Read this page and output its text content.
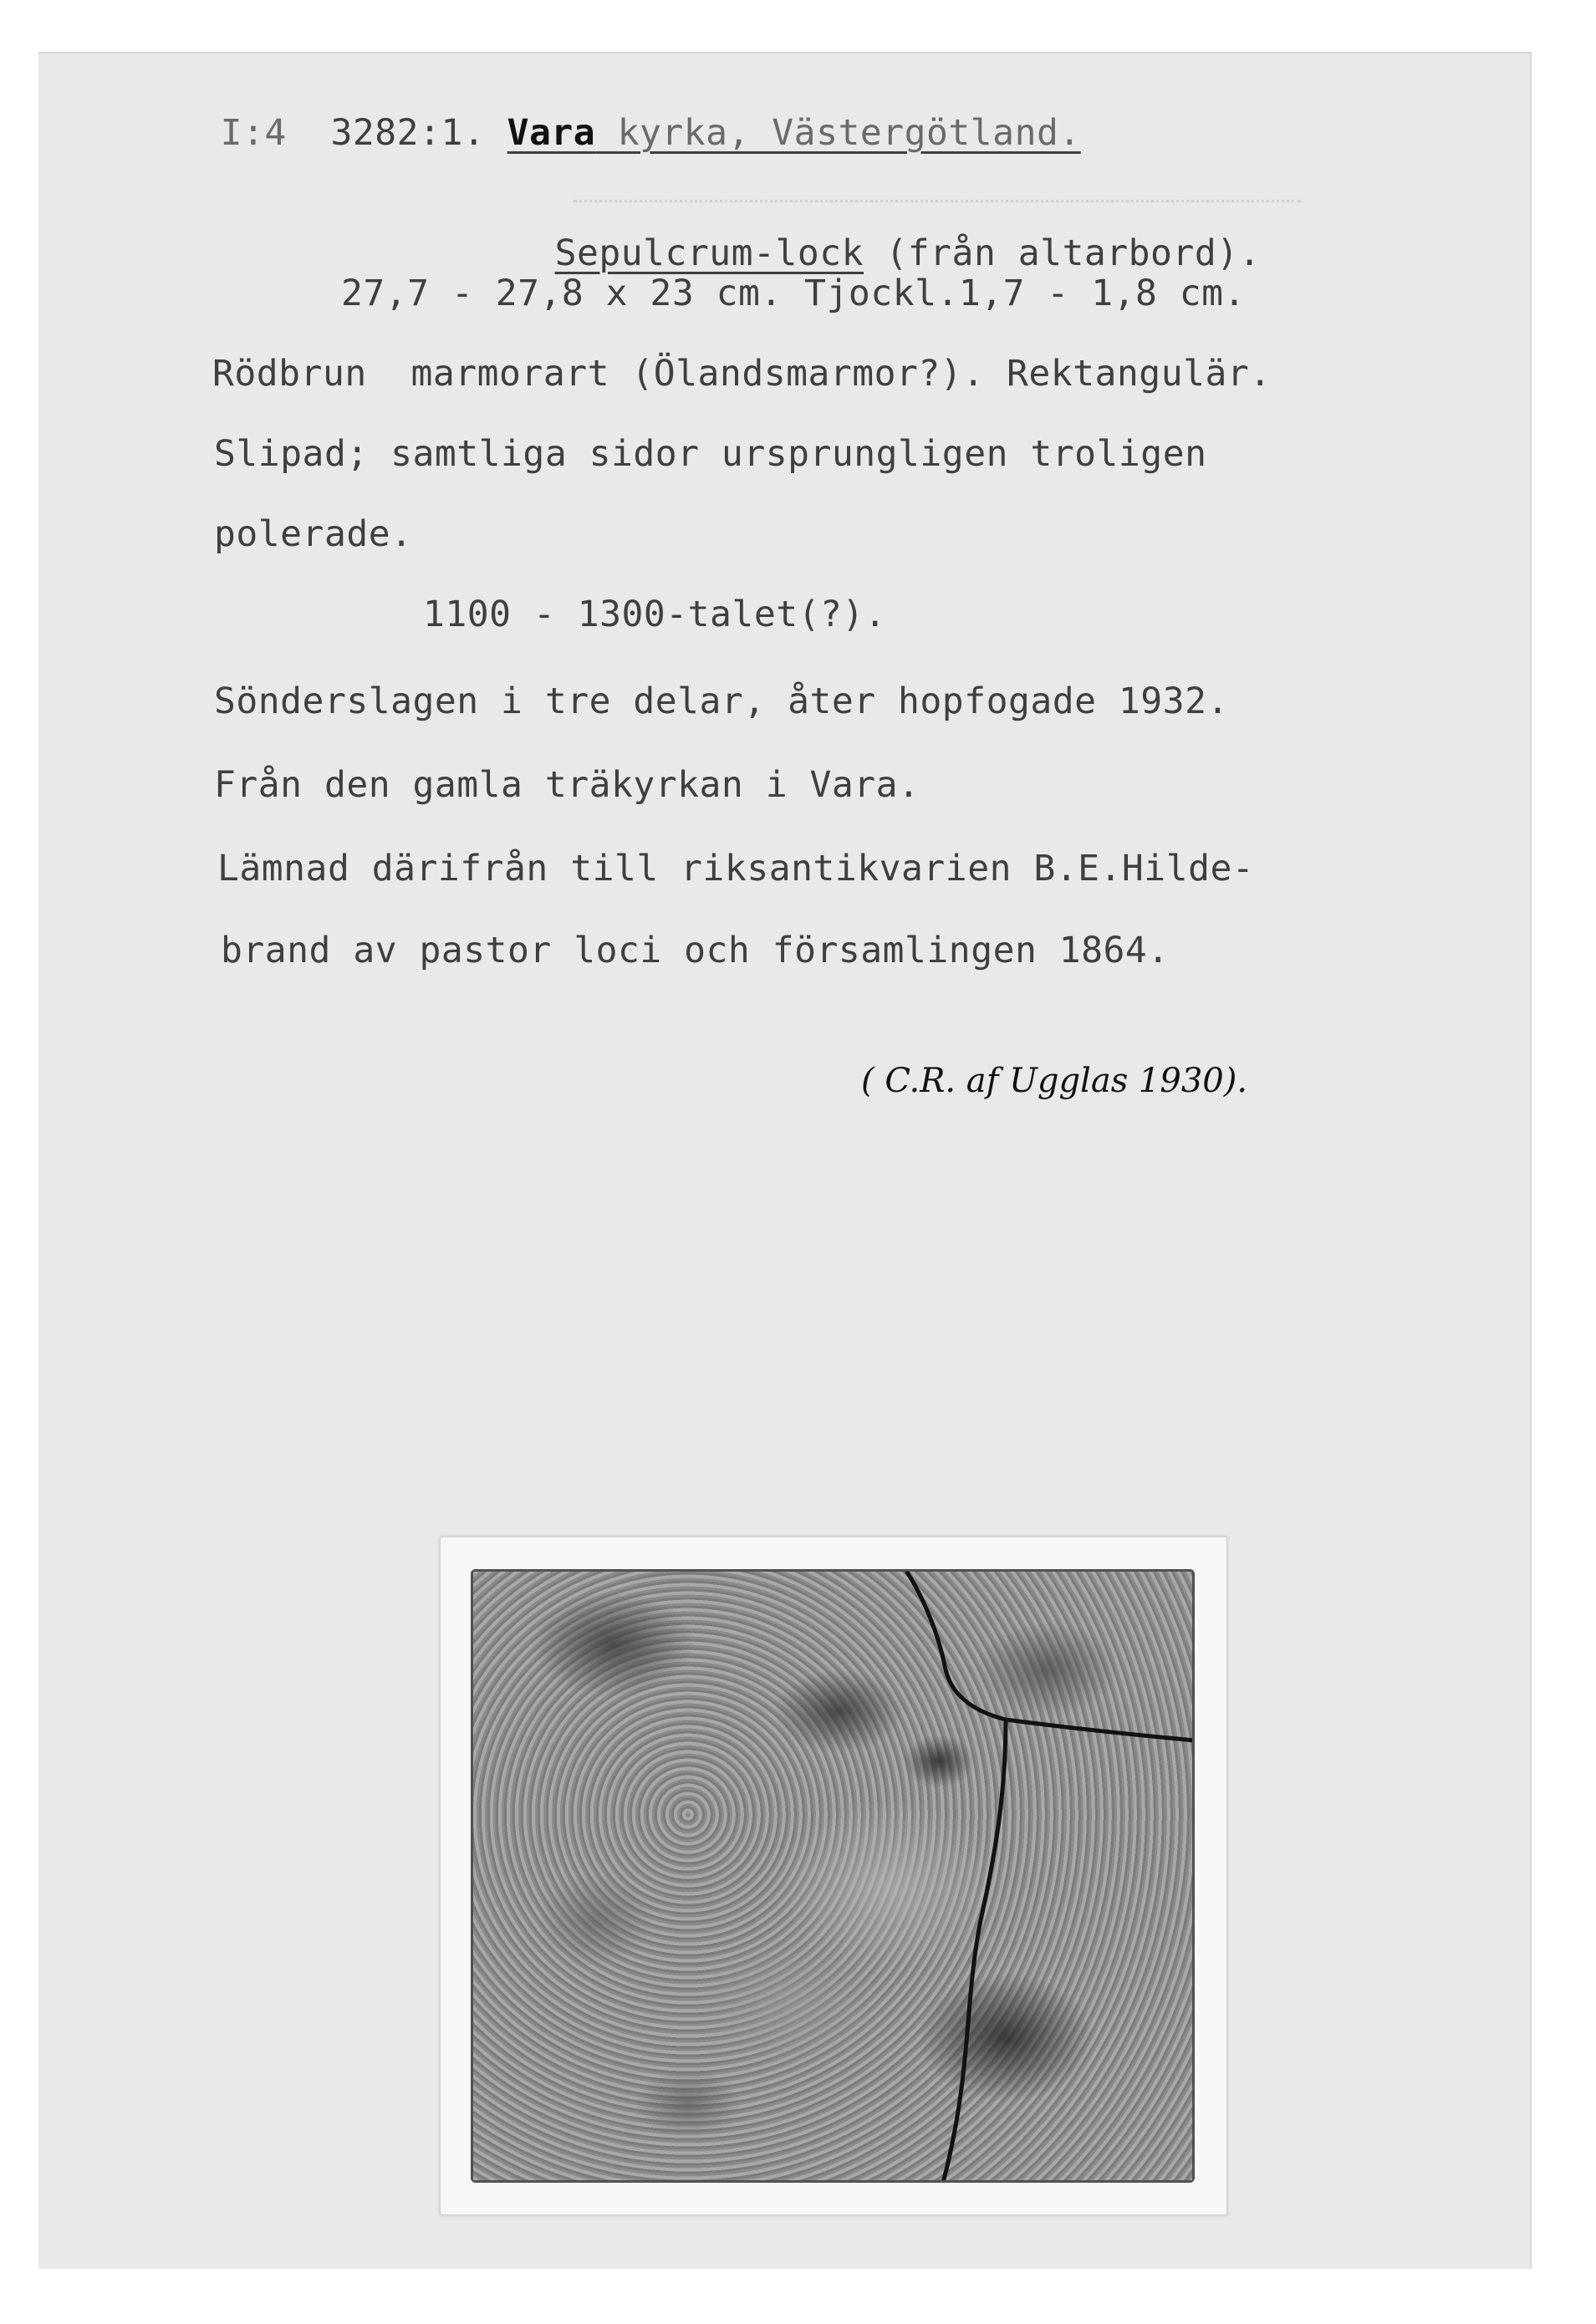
I:4 3282:1. Vara kyrka, Västergötland.

Sepulcrum-lock (från altarbord).

27,7 - 27,8 x 23 cm. Tjockl.1,7 - 1,8 cm.
Rödbrun  marmorart (Ölandsmarmor?). Rektangulär.
Slipad; samtliga sidor ursprungligen troligen
polerade.
1100 - 1300-talet(?).
Sönderslagen i tre delar, åter hopfogade 1932.
Från den gamla träkyrkan i Vara.
Lämnad därifrån till riksantikvarien B.E.Hilde-
brand av pastor loci och församlingen 1864.
( C.R. af Ugglas 1930).
